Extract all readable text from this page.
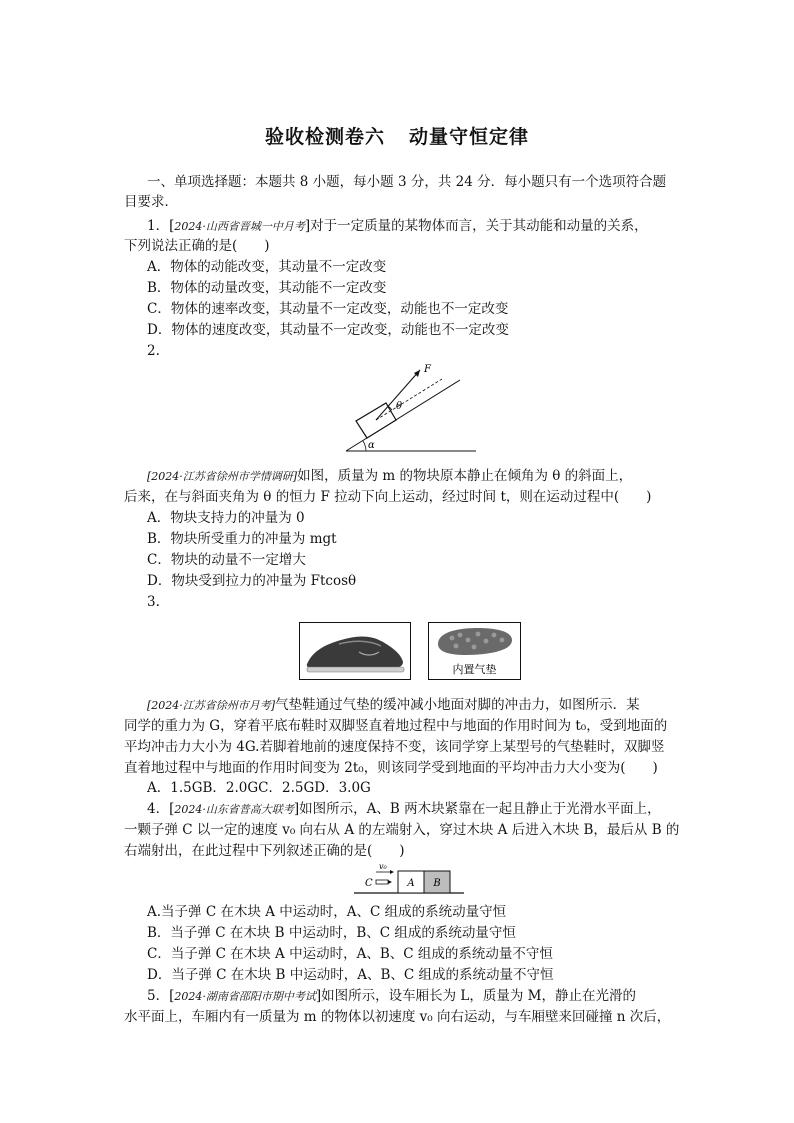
验收检测卷六 动量守恒定律
一、单项选择题：本题共 8 小题，每小题 3 分，共 24 分．每小题只有一个选项符合题
目要求．
1．[2024·山西省晋城一中月考]对于一定质量的某物体而言，关于其动能和动量的关系，
下列说法正确的是(　　)
A．物体的动能改变，其动量不一定改变
B．物体的动量改变，其动能不一定改变
C．物体的速率改变，其动量不一定改变，动能也不一定改变
D．物体的速度改变，其动量不一定改变，动能也不一定改变
2.
α
F
θ
[2024·江苏省徐州市学情调研]如图，质量为 m 的物块原本静止在倾角为 θ 的斜面上，
后来，在与斜面夹角为 θ 的恒力 F 拉动下向上运动，经过时间 t，则在运动过程中(　　)
A．物块支持力的冲量为 0
B．物块所受重力的冲量为 mgt
C．物块的动量不一定增大
D．物块受到拉力的冲量为 Ftcosθ
3.
内置气垫
[2024·江苏省徐州市月考]气垫鞋通过气垫的缓冲减小地面对脚的冲击力，如图所示．某
同学的重力为 G，穿着平底布鞋时双脚竖直着地过程中与地面的作用时间为 t₀，受到地面的
平均冲击力大小为 4G.若脚着地前的速度保持不变，该同学穿上某型号的气垫鞋时，双脚竖
直着地过程中与地面的作用时间变为 2t₀，则该同学受到地面的平均冲击力大小变为(　　)
A．1.5GB．2.0GC．2.5GD．3.0G
4．[2024·山东省普高大联考]如图所示，A、B 两木块紧靠在一起且静止于光滑水平面上，
一颗子弹 C 以一定的速度 v₀ 向右从 A 的左端射入，穿过木块 A 后进入木块 B，最后从 B 的
右端射出，在此过程中下列叙述正确的是(　　)
A B
C
v₀
A.当子弹 C 在木块 A 中运动时，A、C 组成的系统动量守恒
B．当子弹 C 在木块 B 中运动时，B、C 组成的系统动量守恒
C．当子弹 C 在木块 A 中运动时，A、B、C 组成的系统动量不守恒
D．当子弹 C 在木块 B 中运动时，A、B、C 组成的系统动量不守恒
5．[2024·湖南省邵阳市期中考试]如图所示，设车厢长为 L，质量为 M，静止在光滑的
水平面上，车厢内有一质量为 m 的物体以初速度 v₀ 向右运动，与车厢壁来回碰撞 n 次后，
